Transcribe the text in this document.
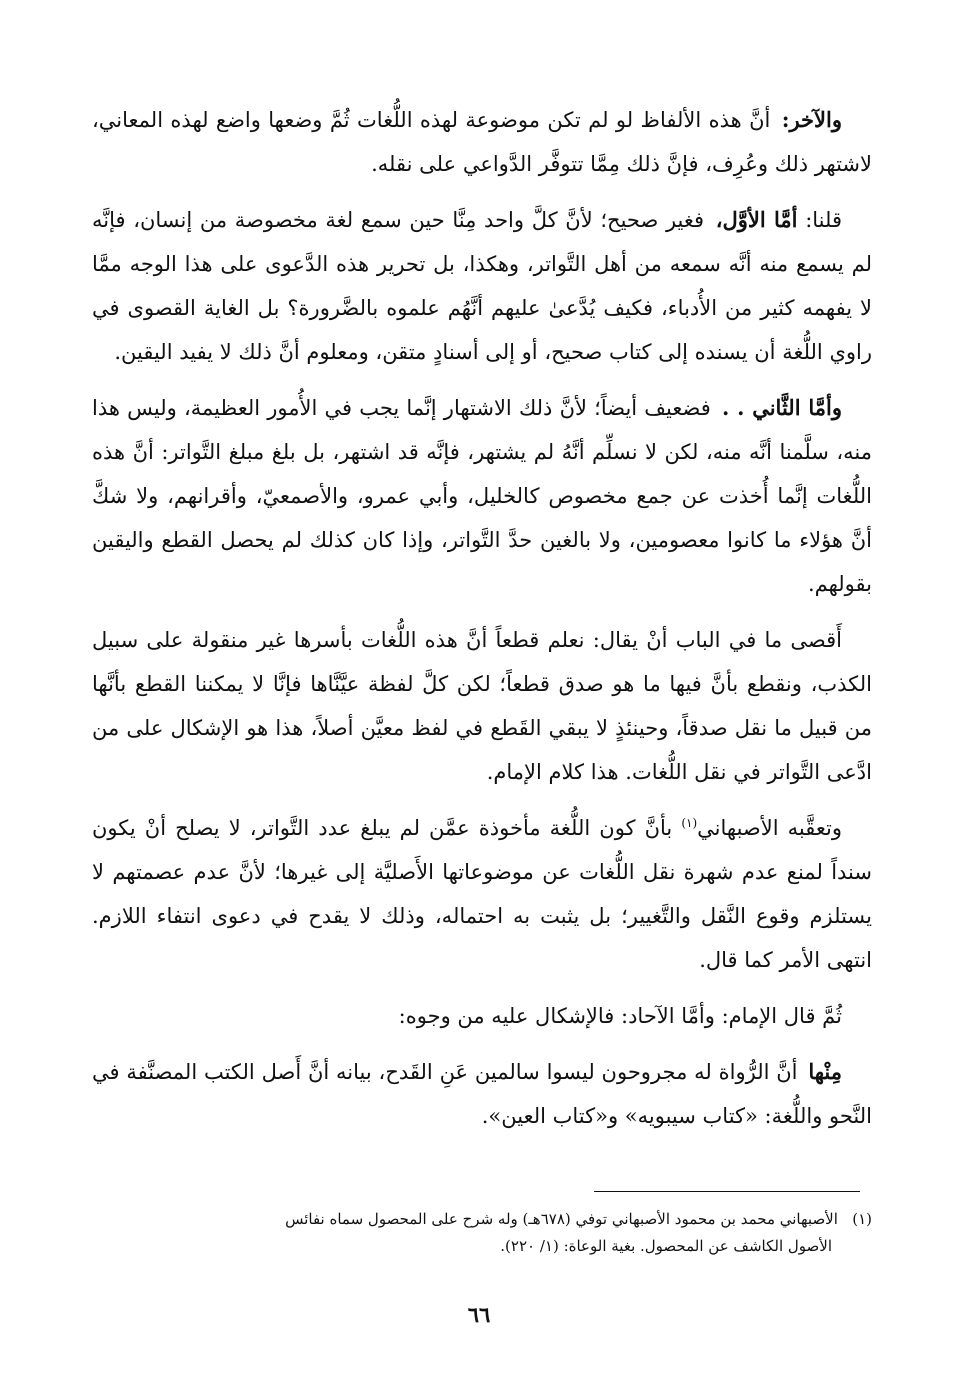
والآخر: أنَّ هذه الألفاظ لو لم تكن موضوعة لهذه اللُّغات ثُمَّ وضعها واضع لهذه المعاني، لاشتهر ذلك وعُرِف، فإنَّ ذلك مِمَّا تتوفَّر الدَّواعي على نقله.

قلنا: أمَّا الأوَّل، فغير صحيح؛ لأنَّ كلَّ واحد مِنَّا حين سمع لغة مخصوصة من إنسان، فإنَّه لم يسمع منه أنَّه سمعه من أهل التَّواتر، وهكذا، بل تحرير هذه الدَّعوى على هذا الوجه ممَّا لا يفهمه كثير من الأُدباء، فكيف يُدَّعىٰ عليهم أنَّهُم علموه بالضَّرورة؟ بل الغاية القصوى في راوي اللُّغة أن يسنده إلى كتاب صحيح، أو إلى أسنادٍ متقن، ومعلوم أنَّ ذلك لا يفيد اليقين.

وأمَّا الثَّاني . . فضعيف أيضاً؛ لأنَّ ذلك الاشتهار إنَّما يجب في الأُمور العظيمة، وليس هذا منه، سلَّمنا أنَّه منه، لكن لا نسلِّم أنَّهُ لم يشتهر، فإنَّه قد اشتهر، بل بلغ مبلغ التَّواتر: أنَّ هذه اللُّغات إنَّما أُخذت عن جمع مخصوص كالخليل، وأبي عمرو، والأصمعيّ، وأقرانهم، ولا شكَّ أنَّ هؤلاء ما كانوا معصومين، ولا بالغين حدَّ التَّواتر، وإذا كان كذلك لم يحصل القطع واليقين بقولهم.

أَقصى ما في الباب أنْ يقال: نعلم قطعاً أنَّ هذه اللُّغات بأسرها غير منقولة على سبيل الكذب، ونقطع بأنَّ فيها ما هو صدق قطعاً؛ لكن كلَّ لفظة عيَّنَّاها فإنَّا لا يمكننا القطع بأنَّها من قبيل ما نقل صدقاً، وحينئذٍ لا يبقي القَطع في لفظ معيَّن أصلاً، هذا هو الإشكال على من ادَّعى التَّواتر في نقل اللُّغات. هذا كلام الإمام.

وتعقَّبه الأصبهاني$^{(١)}$ بأنَّ كون اللُّغة مأخوذة عمَّن لم يبلغ عدد التَّواتر، لا يصلح أنْ يكون سنداً لمنع عدم شهرة نقل اللُّغات عن موضوعاتها الأَصليَّة إلى غيرها؛ لأنَّ عدم عصمتهم لا يستلزم وقوع النَّقل والتَّغيير؛ بل يثبت به احتماله، وذلك لا يقدح في دعوى انتفاء اللازم. انتهى الأمر كما قال.

ثُمَّ قال الإمام: وأمَّا الآحاد: فالإشكال عليه من وجوه:

مِنْها أنَّ الرُّواة له مجروحون ليسوا سالمين عَنِ القَدح، بيانه أنَّ أَصل الكتب المصنَّفة في النَّحو واللُّغة: «كتاب سيبويه» و«كتاب العين».

(١)   الأصبهاني محمد بن محمود الأصبهاني توفي (٦٧٨هـ) وله شرح على المحصول سماه نفائس
الأصول الكاشف عن المحصول. بغية الوعاة: (١/ ٢٢٠).
٦٦
